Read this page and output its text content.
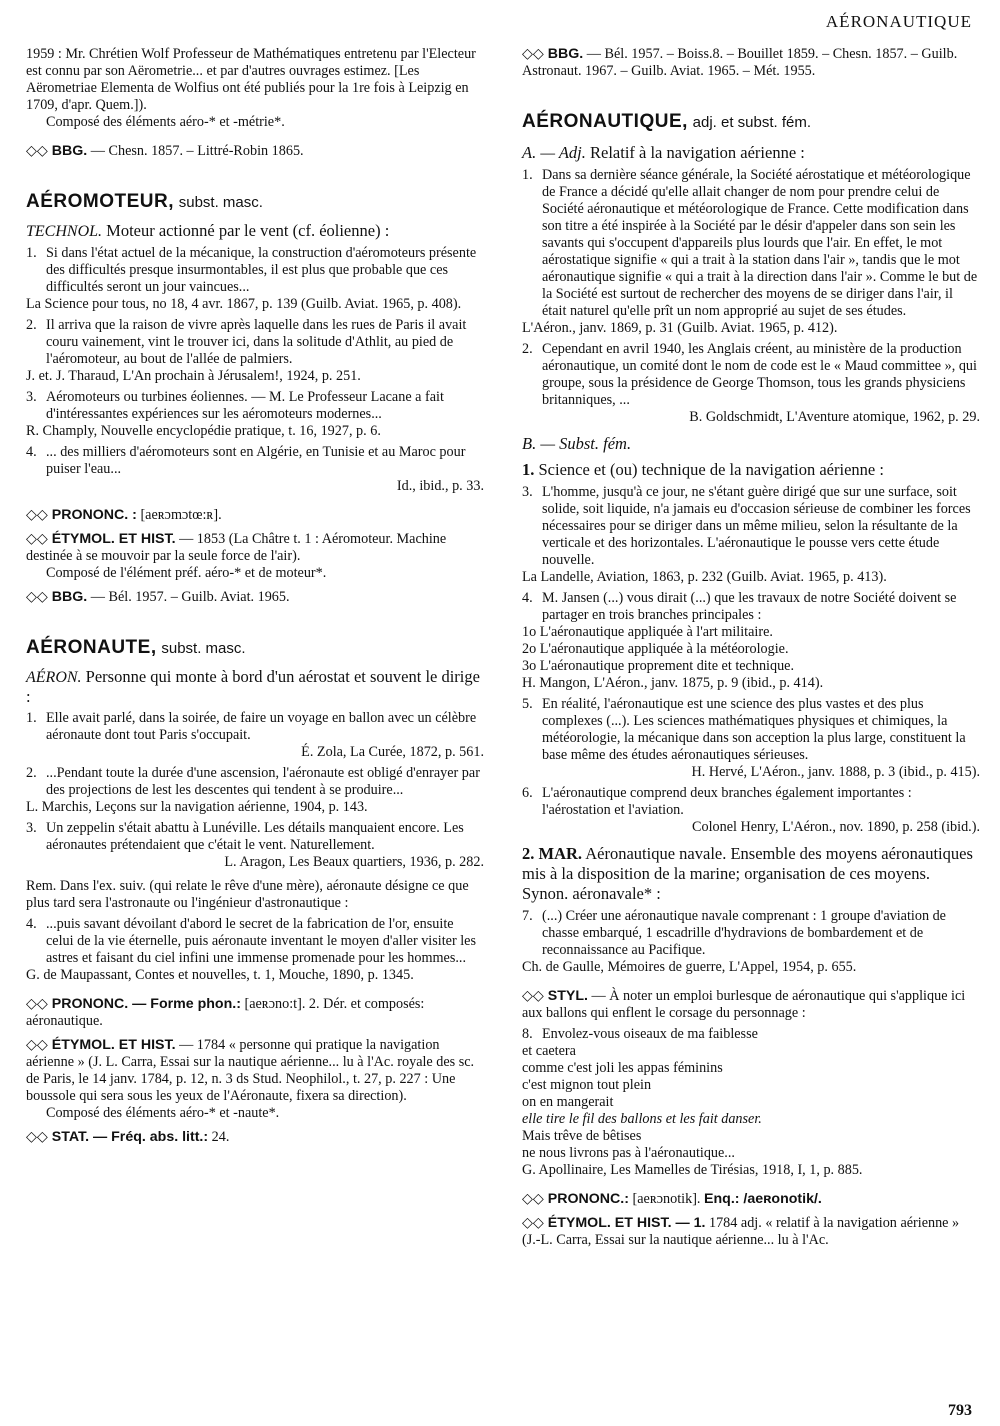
AÉRONAUTIQUE

1959 : Mr. Chrétien Wolf Professeur de Mathématiques entretenu par l'Electeur est connu par son Aërometrie... et par d'autres ouvrages estimez. [Les Aërometriae Elementa de Wolfius ont été publiés pour la 1re fois à Leipzig en 1709, d'apr. Quem.]).

Composé des éléments aéro-* et -métrie*.

◇◇ BBG. — Chesn. 1857. – Littré-Robin 1865.

AÉROMOTEUR, subst. masc.

TECHNOL. Moteur actionné par le vent (cf. éolienne) :

1. Si dans l'état actuel de la mécanique, la construction d'aéromoteurs présente des difficultés presque insurmontables, il est plus que probable que ces difficultés seront un jour vaincues...

La Science pour tous, no 18, 4 avr. 1867, p. 139 (Guilb. Aviat. 1965, p. 408).

2. Il arriva que la raison de vivre après laquelle dans les rues de Paris il avait couru vainement, vint le trouver ici, dans la solitude d'Athlit, au pied de l'aéromoteur, au bout de l'allée de palmiers.

J. et. J. Tharaud, L'An prochain à Jérusalem!, 1924, p. 251.

3. Aéromoteurs ou turbines éoliennes. — M. Le Professeur Lacane a fait d'intéressantes expériences sur les aéromoteurs modernes...

R. Champly, Nouvelle encyclopédie pratique, t. 16, 1927, p. 6.

4. ... des milliers d'aéromoteurs sont en Algérie, en Tunisie et au Maroc pour puiser l'eau...

Id., ibid., p. 33.

◇◇ PRONONC. : [aeʀɔmɔtœ:ʀ].

◇◇ ÉTYMOL. ET HIST. — 1853 (La Châtre t. 1 : Aéromoteur. Machine destinée à se mouvoir par la seule force de l'air).

Composé de l'élément préf. aéro-* et de moteur*.

◇◇ BBG. — Bél. 1957. – Guilb. Aviat. 1965.

AÉRONAUTE, subst. masc.

AÉRON. Personne qui monte à bord d'un aérostat et souvent le dirige :

1. Elle avait parlé, dans la soirée, de faire un voyage en ballon avec un célèbre aéronaute dont tout Paris s'occupait.

É. Zola, La Curée, 1872, p. 561.

2. ...Pendant toute la durée d'une ascension, l'aéronaute est obligé d'enrayer par des projections de lest les descentes qui tendent à se produire...

L. Marchis, Leçons sur la navigation aérienne, 1904, p. 143.

3. Un zeppelin s'était abattu à Lunéville. Les détails manquaient encore. Les aéronautes prétendaient que c'était le vent. Naturellement.

L. Aragon, Les Beaux quartiers, 1936, p. 282.

Rem. Dans l'ex. suiv. (qui relate le rêve d'une mère), aéronaute désigne ce que plus tard sera l'astronaute ou l'ingénieur d'astronautique :

4. ...puis savant dévoilant d'abord le secret de la fabrication de l'or, ensuite celui de la vie éternelle, puis aéronaute inventant le moyen d'aller visiter les astres et faisant du ciel infini une immense promenade pour les hommes...

G. de Maupassant, Contes et nouvelles, t. 1, Mouche, 1890, p. 1345.

◇◇ PRONONC. — Forme phon.: [aeʀɔno:t]. 2. Dér. et composés: aéronautique.

◇◇ ÉTYMOL. ET HIST. — 1784 « personne qui pratique la navigation aérienne » (J. L. Carra, Essai sur la nautique aérienne... lu à l'Ac. royale des sc. de Paris, le 14 janv. 1784, p. 12, n. 3 ds Stud. Neophilol., t. 27, p. 227 : Une boussole qui sera sous les yeux de l'Aéronaute, fixera sa direction).

Composé des éléments aéro-* et -naute*.

◇◇ STAT. — Fréq. abs. litt.: 24.

◇◇ BBG. — Bél. 1957. – Boiss.8. – Bouillet 1859. – Chesn. 1857. – Guilb. Astronaut. 1967. – Guilb. Aviat. 1965. – Mét. 1955.

AÉRONAUTIQUE, adj. et subst. fém.

A. — Adj. Relatif à la navigation aérienne :

1. Dans sa dernière séance générale, la Société aérostatique et météorologique de France a décidé qu'elle allait changer de nom pour prendre celui de Société aéronautique et météorologique de France. Cette modification dans son titre a été inspirée à la Société par le désir d'appeler dans son sein les savants qui s'occupent d'appareils plus lourds que l'air. En effet, le mot aérostatique signifie « qui a trait à la station dans l'air », tandis que le mot aéronautique signifie « qui a trait à la direction dans l'air ». Comme le but de la Société est surtout de rechercher des moyens de se diriger dans l'air, il était naturel qu'elle prît un nom approprié au sujet de ses études.

L'Aéron., janv. 1869, p. 31 (Guilb. Aviat. 1965, p. 412).

2. Cependant en avril 1940, les Anglais créent, au ministère de la production aéronautique, un comité dont le nom de code est le « Maud committee », qui groupe, sous la présidence de George Thomson, tous les grands physiciens britanniques, ...

B. Goldschmidt, L'Aventure atomique, 1962, p. 29.

B. — Subst. fém.

1. Science et (ou) technique de la navigation aérienne :

3. L'homme, jusqu'à ce jour, ne s'étant guère dirigé que sur une surface, soit solide, soit liquide, n'a jamais eu d'occasion sérieuse de combiner les forces nécessaires pour se diriger dans un même milieu, selon la résultante de la verticale et des horizontales. L'aéronautique le pousse vers cette étude nouvelle.

La Landelle, Aviation, 1863, p. 232 (Guilb. Aviat. 1965, p. 413).

4. M. Jansen (...) vous dirait (...) que les travaux de notre Société doivent se partager en trois branches principales :

1o L'aéronautique appliquée à l'art militaire.

2o L'aéronautique appliquée à la météorologie.

3o L'aéronautique proprement dite et technique.

H. Mangon, L'Aéron., janv. 1875, p. 9 (ibid., p. 414).

5. En réalité, l'aéronautique est une science des plus vastes et des plus complexes (...). Les sciences mathématiques physiques et chimiques, la météorologie, la mécanique dans son acception la plus large, constituent la base même des études aéronautiques sérieuses.

H. Hervé, L'Aéron., janv. 1888, p. 3 (ibid., p. 415).

6. L'aéronautique comprend deux branches également importantes : l'aérostation et l'aviation.

Colonel Henry, L'Aéron., nov. 1890, p. 258 (ibid.).

2. MAR. Aéronautique navale. Ensemble des moyens aéronautiques mis à la disposition de la marine; organisation de ces moyens. Synon. aéronavale* :

7. (...) Créer une aéronautique navale comprenant : 1 groupe d'aviation de chasse embarqué, 1 escadrille d'hydravions de bombardement et de reconnaissance au Pacifique.

Ch. de Gaulle, Mémoires de guerre, L'Appel, 1954, p. 655.

◇◇ STYL. — À noter un emploi burlesque de aéronautique qui s'applique ici aux ballons qui enflent le corsage du personnage :

8. Envolez-vous oiseaux de ma faiblesse

et caetera

comme c'est joli les appas féminins

c'est mignon tout plein

on en mangerait

elle tire le fil des ballons et les fait danser.

Mais trêve de bêtises

ne nous livrons pas à l'aéronautique...

G. Apollinaire, Les Mamelles de Tirésias, 1918, I, 1, p. 885.

◇◇ PRONONC.: [aeʀɔnotik]. Enq.: /aeʀonotik/.

◇◇ ÉTYMOL. ET HIST. — 1. 1784 adj. « relatif à la navigation aérienne » (J.-L. Carra, Essai sur la nautique aérienne... lu à l'Ac.

793
